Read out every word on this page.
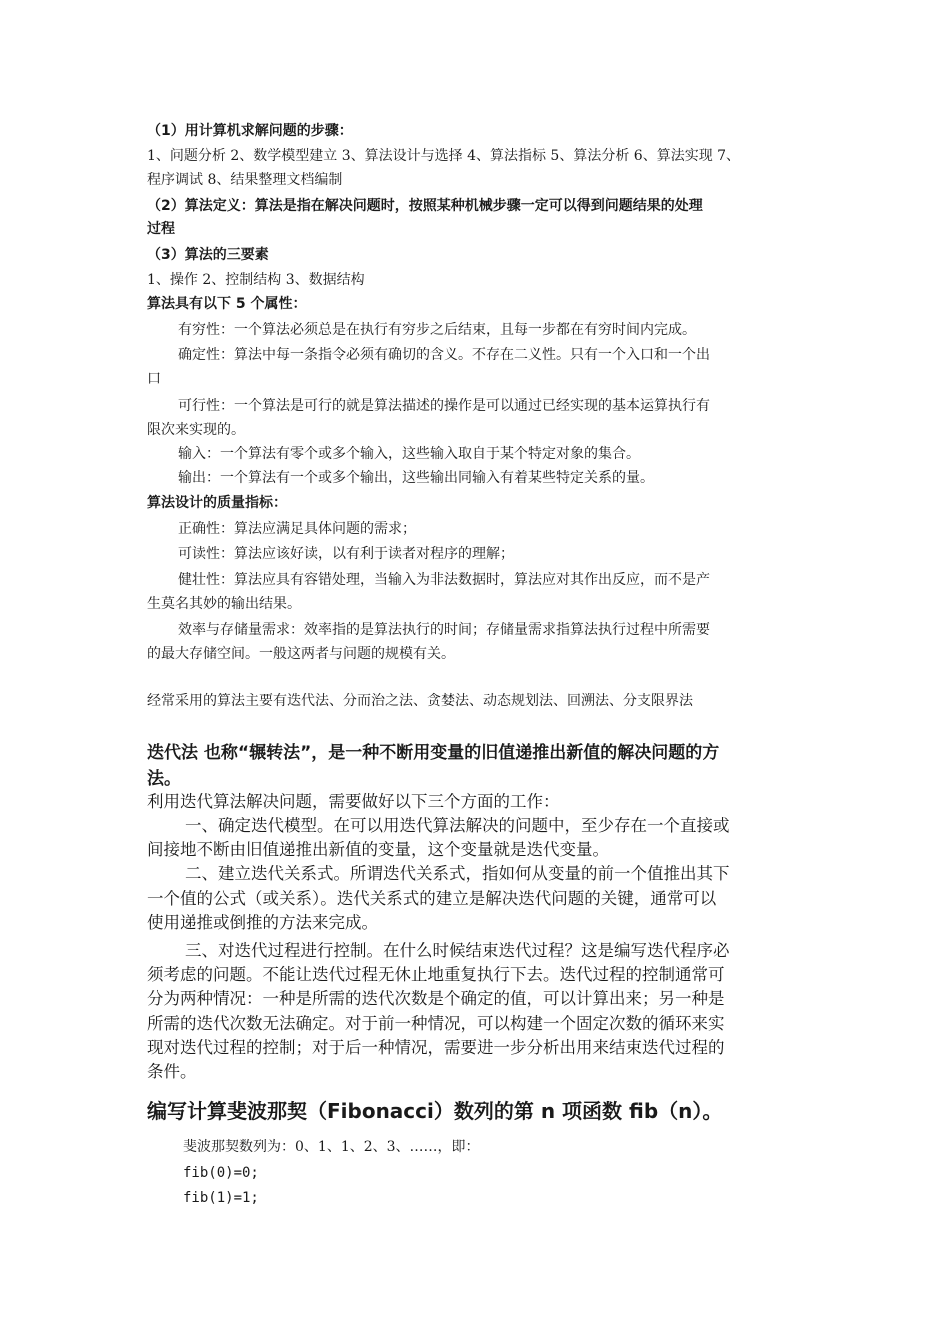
（1）用计算机求解问题的步骤：
1、问题分析 2、数学模型建立 3、算法设计与选择 4、算法指标 5、算法分析 6、算法实现 7、
程序调试 8、结果整理文档编制
（2）算法定义：算法是指在解决问题时，按照某种机械步骤一定可以得到问题结果的处理
过程
（3）算法的三要素
1、操作 2、控制结构 3、数据结构
算法具有以下 5 个属性：
有穷性：一个算法必须总是在执行有穷步之后结束，且每一步都在有穷时间内完成。
确定性：算法中每一条指令必须有确切的含义。不存在二义性。只有一个入口和一个出
口
可行性：一个算法是可行的就是算法描述的操作是可以通过已经实现的基本运算执行有
限次来实现的。
输入：一个算法有零个或多个输入，这些输入取自于某个特定对象的集合。
输出：一个算法有一个或多个输出，这些输出同输入有着某些特定关系的量。
算法设计的质量指标：
正确性：算法应满足具体问题的需求；
可读性：算法应该好读，以有利于读者对程序的理解；
健壮性：算法应具有容错处理，当输入为非法数据时，算法应对其作出反应，而不是产
生莫名其妙的输出结果。
效率与存储量需求：效率指的是算法执行的时间；存储量需求指算法执行过程中所需要
的最大存储空间。一般这两者与问题的规模有关。
经常采用的算法主要有迭代法、分而治之法、贪婪法、动态规划法、回溯法、分支限界法
迭代法 也称“辗转法”，是一种不断用变量的旧值递推出新值的解决问题的方
法。
利用迭代算法解决问题，需要做好以下三个方面的工作：
一、确定迭代模型。在可以用迭代算法解决的问题中，至少存在一个直接或
间接地不断由旧值递推出新值的变量，这个变量就是迭代变量。
二、建立迭代关系式。所谓迭代关系式，指如何从变量的前一个值推出其下
一个值的公式（或关系）。迭代关系式的建立是解决迭代问题的关键，通常可以
使用递推或倒推的方法来完成。
三、对迭代过程进行控制。在什么时候结束迭代过程？这是编写迭代程序必
须考虑的问题。不能让迭代过程无休止地重复执行下去。迭代过程的控制通常可
分为两种情况：一种是所需的迭代次数是个确定的值，可以计算出来；另一种是
所需的迭代次数无法确定。对于前一种情况，可以构建一个固定次数的循环来实
现对迭代过程的控制；对于后一种情况，需要进一步分析出用来结束迭代过程的
条件。
编写计算斐波那契（Fibonacci）数列的第 n 项函数 fib（n）。
斐波那契数列为：0、1、1、2、3、……，即：
fib(0)=0;
fib(1)=1;
